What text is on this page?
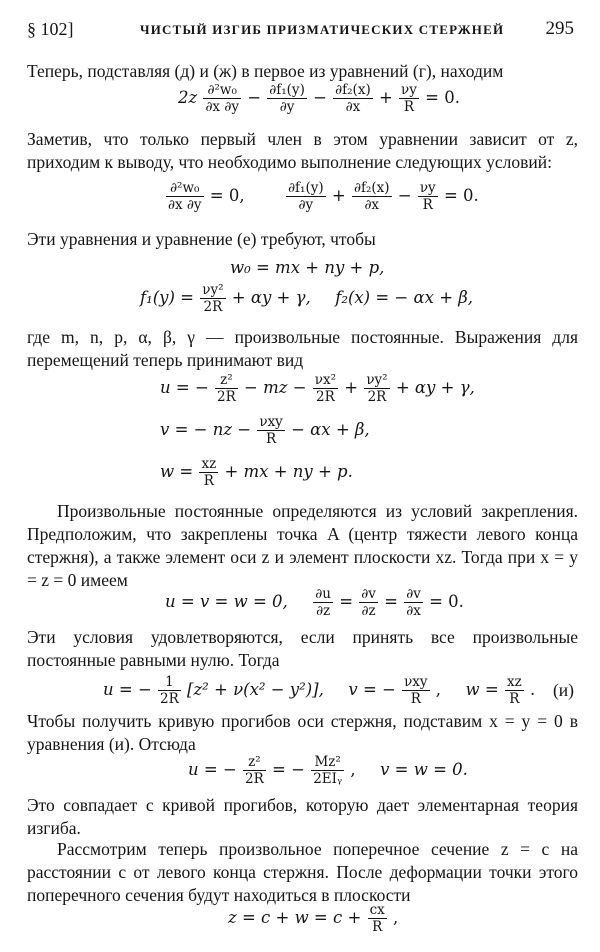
§ 102]	ЧИСТЫЙ ИЗГИБ ПРИЗМАТИЧЕСКИХ СТЕРЖНЕЙ 295

Теперь, подставляя (д) и (ж) в первое из уравнений (г), находим

$2z \frac{\text{∂²w₀}}{\partial x \partial y} - \frac{\text{∂f₁(y)}}{\partial y} - \frac{\text{∂f₂(x)}}{\partial x} + \frac{\nu y}{R} = 0$.

Заметив, что только первый член в этом уравнении зависит от z, приходим к выводу, что необходимо выполнение следующих условий:

$\frac{\text{∂²w₀}}{\partial x \partial y} = 0$,	$\frac{\text{∂f₁(y)}}{\partial y} + \frac{\text{∂f₂(x)}}{\partial x} - \frac{\nu y}{R} = 0$.

Эти уравнения и уравнение (е) требуют, чтобы

w₀ = mx + ny + p,
$f_1(y) = \frac{\text{νy²}}{2R} + \alpha y + \gamma$, f₂(x) = − αx + β,

где m, n, p, α, β, γ — произвольные постоянные. Выражения для перемещений теперь принимают вид

u = − $\frac{\text{z²}}{2R}$ − mz − $\frac{\text{νx²}}{2R} + \frac{\text{νy²}}{2R} + \alpha y + \gamma$,
v = − nz − $\frac{\text{νxy}}{R} - \alpha x + \beta$,
$w = \frac{xz}{R}$ + mx + ny + p.

Произвольные постоянные определяются из условий закрепления. Предположим, что закреплены точка A (центр тяжести левого конца стержня), а также элемент оси z и элемент плоскости xz. Тогда при x = y = z = 0 имеем

u = v = w = 0, $\frac{\partial u}{\partial z} = \frac{\partial v}{\partial z} = \frac{\partial v}{\partial x} = 0$.

Эти условия удовлетворяются, если принять все произвольные постоянные равными нулю. Тогда

u = − $\frac{1}{2R} [z^2 + \nu(x^2 - y^2)]$, v = − $\frac{\text{νxy}}{R}$ , $w = \frac{xz}{R}$ . (и)

Чтобы получить кривую прогибов оси стержня, подставим x = y = 0 в уравнения (и). Отсюда

u = − $\frac{\text{z²}}{2R}$ = − $\frac{\text{Mz²}}{\text{2EIᵧ}}$ , v = w = 0.

Это совпадает с кривой прогибов, которую дает элементарная теория изгиба.

Рассмотрим теперь произвольное поперечное сечение z = c на расстоянии c от левого конца стержня. После деформации точки этого поперечного сечения будут находиться в плоскости

$z = c + w = c + \frac{cx}{R}$ ,
